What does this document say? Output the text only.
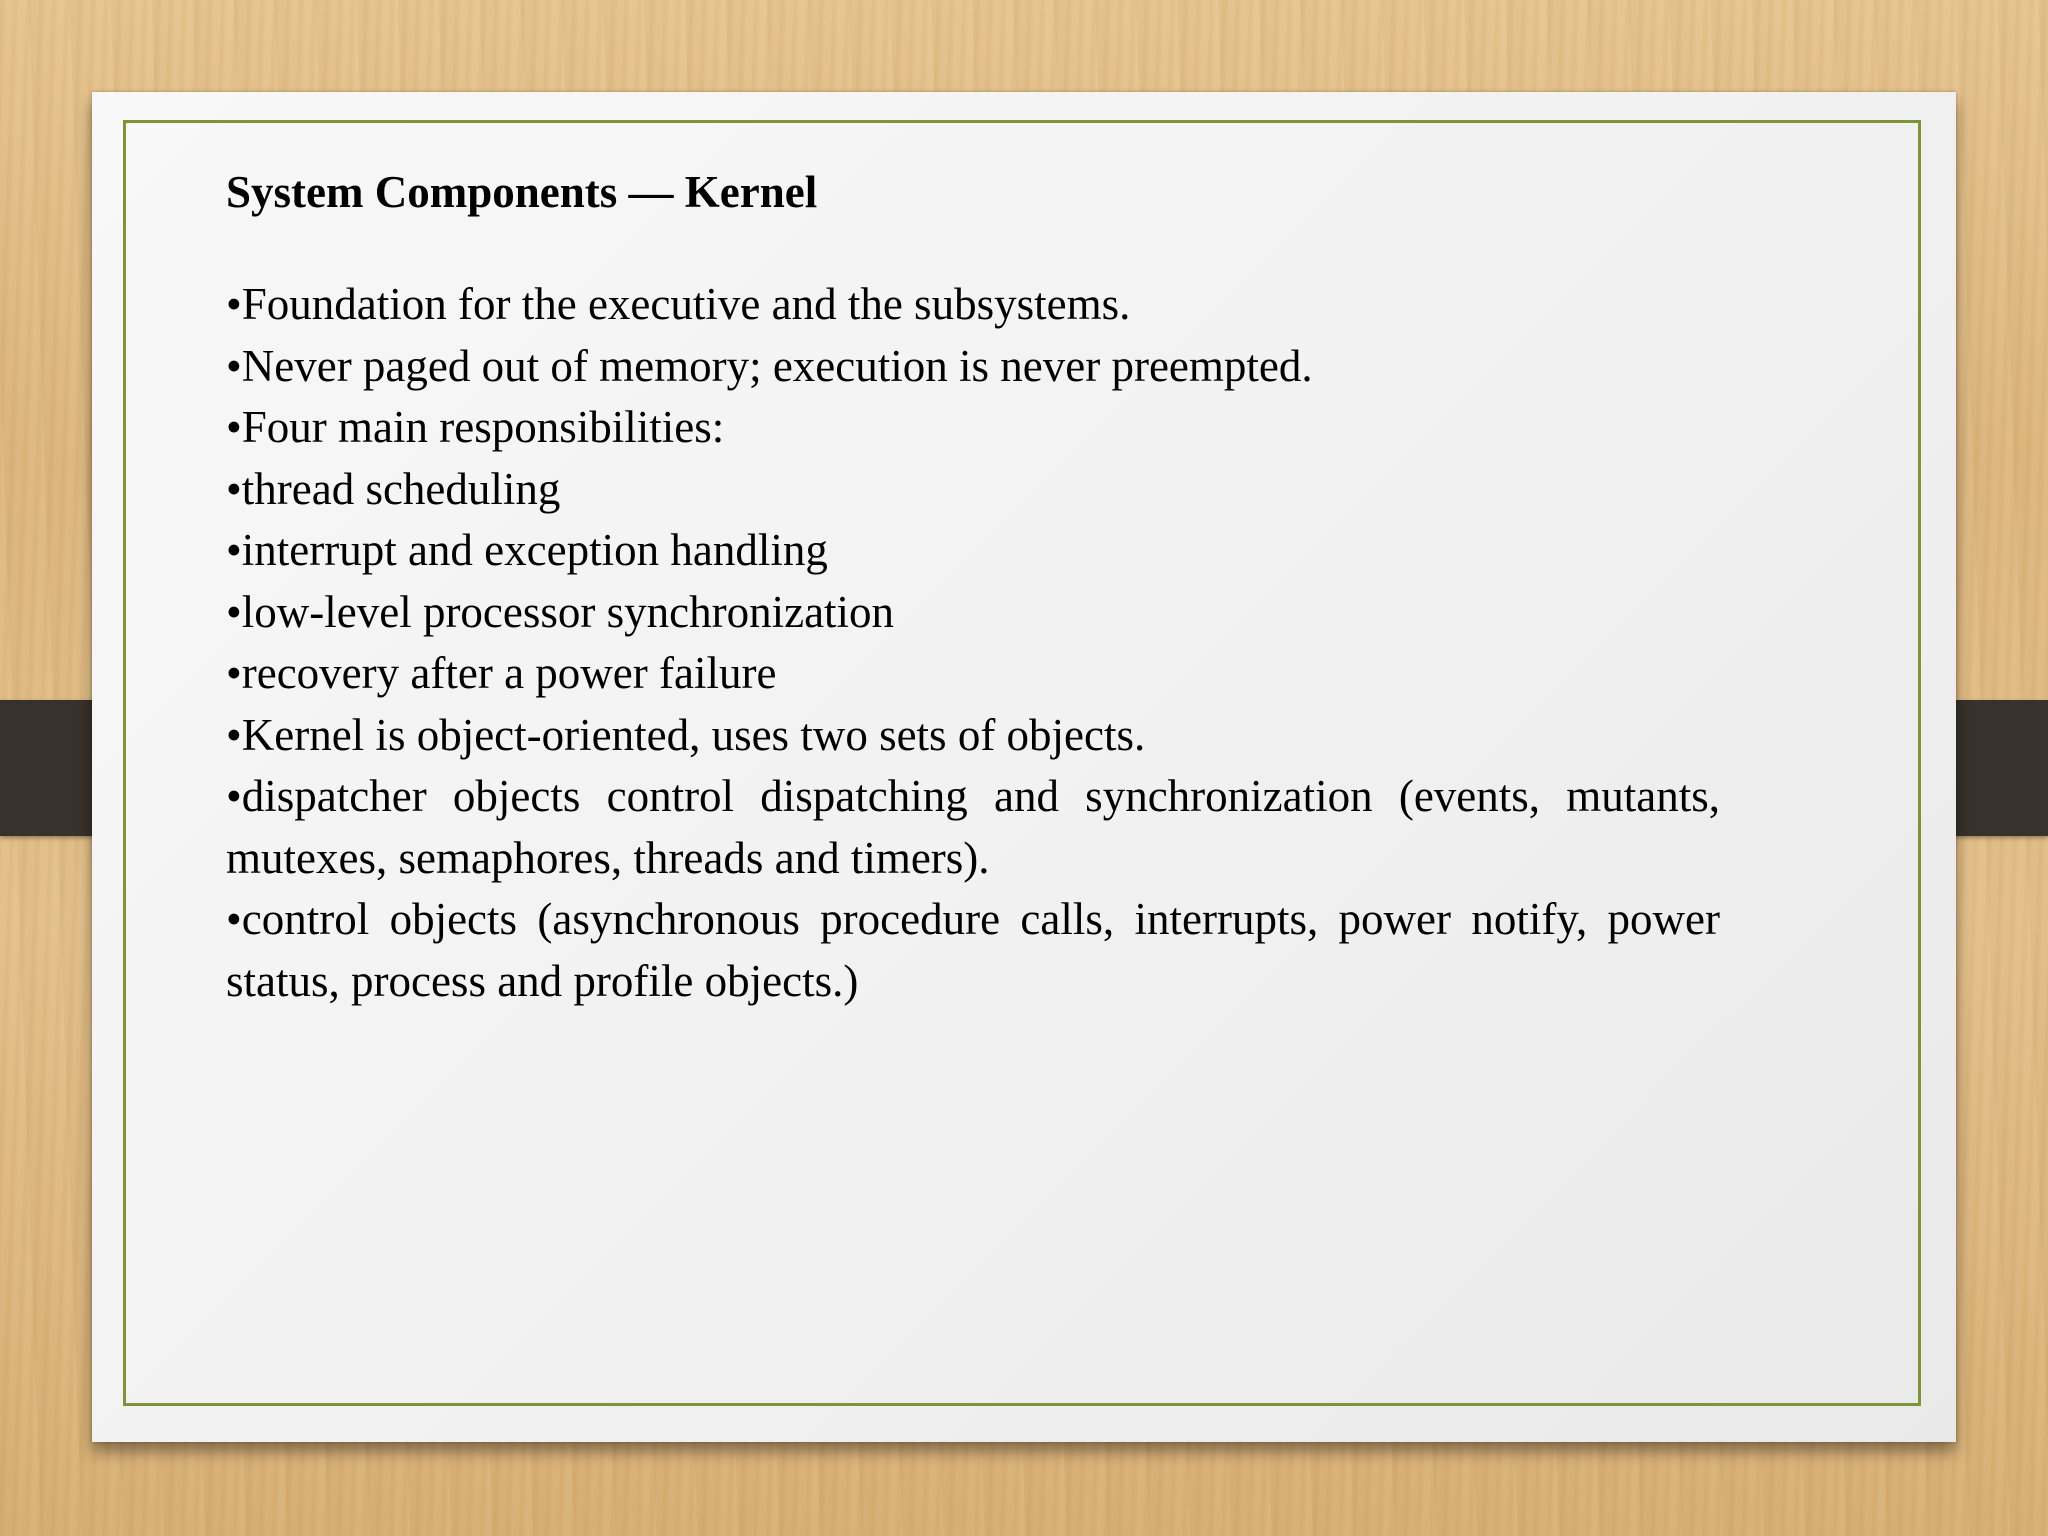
System Components — Kernel
•Foundation for the executive and the subsystems.
•Never paged out of memory; execution is never preempted.
•Four main responsibilities:
•thread scheduling
•interrupt and exception handling
•low-level processor synchronization
•recovery after a power failure
•Kernel is object-oriented, uses two sets of objects.
•dispatcher objects control dispatching and synchronization (events, mutants, mutexes, semaphores, threads and timers).
•control objects (asynchronous procedure calls, interrupts, power notify, power status, process and profile objects.)
